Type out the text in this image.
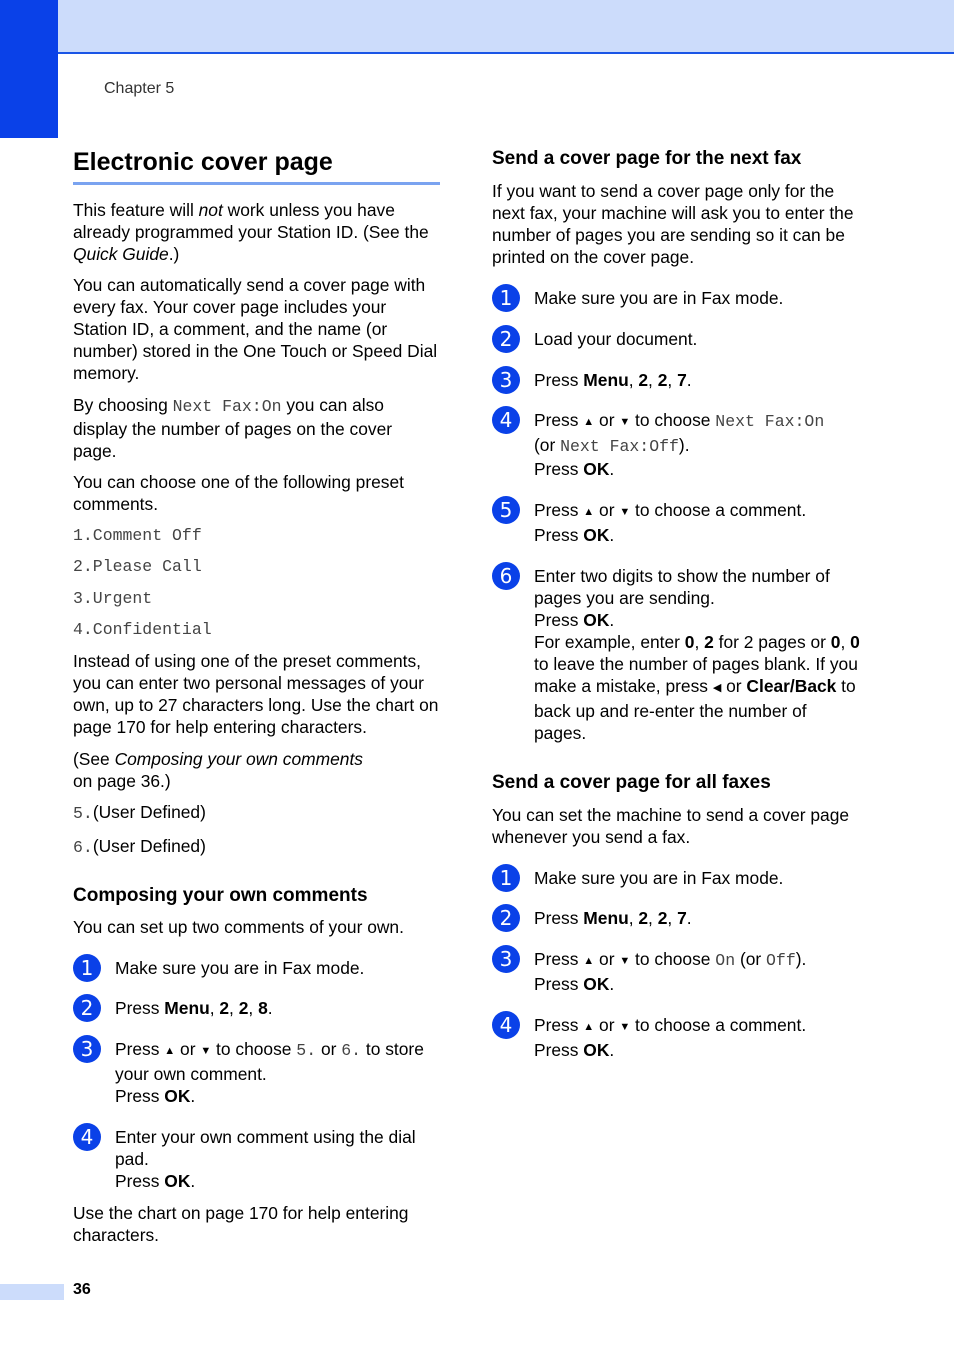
Chapter 5
Electronic cover page

This feature will not work unless you have already programmed your Station ID. (See the Quick Guide.)

You can automatically send a cover page with every fax. Your cover page includes your Station ID, a comment, and the name (or number) stored in the One Touch or Speed Dial memory.

By choosing Next Fax:On you can also display the number of pages on the cover page.

You can choose one of the following preset comments.

1.Comment Off
2.Please Call
3.Urgent
4.Confidential

Instead of using one of the preset comments, you can enter two personal messages of your own, up to 27 characters long. Use the chart on page 170 for help entering characters.

(See Composing your own comments
on page 36.)

5.(User Defined)

6.(User Defined)

Composing your own comments

You can set up two comments of your own.

1	Make sure you are in Fax mode.
2	Press Menu, 2, 2, 8.
3	Press ▲ or ▼ to choose 5. or 6. to store your own comment.
Press OK.
4	Enter your own comment using the dial pad.
Press OK.

Use the chart on page 170 for help entering characters.

Send a cover page for the next fax

If you want to send a cover page only for the next fax, your machine will ask you to enter the number of pages you are sending so it can be printed on the cover page.

1	Make sure you are in Fax mode.
2	Load your document.
3	Press Menu, 2, 2, 7.
4	Press ▲ or ▼ to choose Next Fax:On
(or Next Fax:Off).
Press OK.
5	Press ▲ or ▼ to choose a comment.
Press OK.
6	Enter two digits to show the number of pages you are sending.
Press OK.
For example, enter 0, 2 for 2 pages or 0, 0 to leave the number of pages blank. If you make a mistake, press ◀ or Clear/Back to back up and re-enter the number of pages.
Send a cover page for all faxes

You can set the machine to send a cover page whenever you send a fax.

1	Make sure you are in Fax mode.
2	Press Menu, 2, 2, 7.
3	Press ▲ or ▼ to choose On (or Off).
Press OK.
4	Press ▲ or ▼ to choose a comment.
Press OK.
36
